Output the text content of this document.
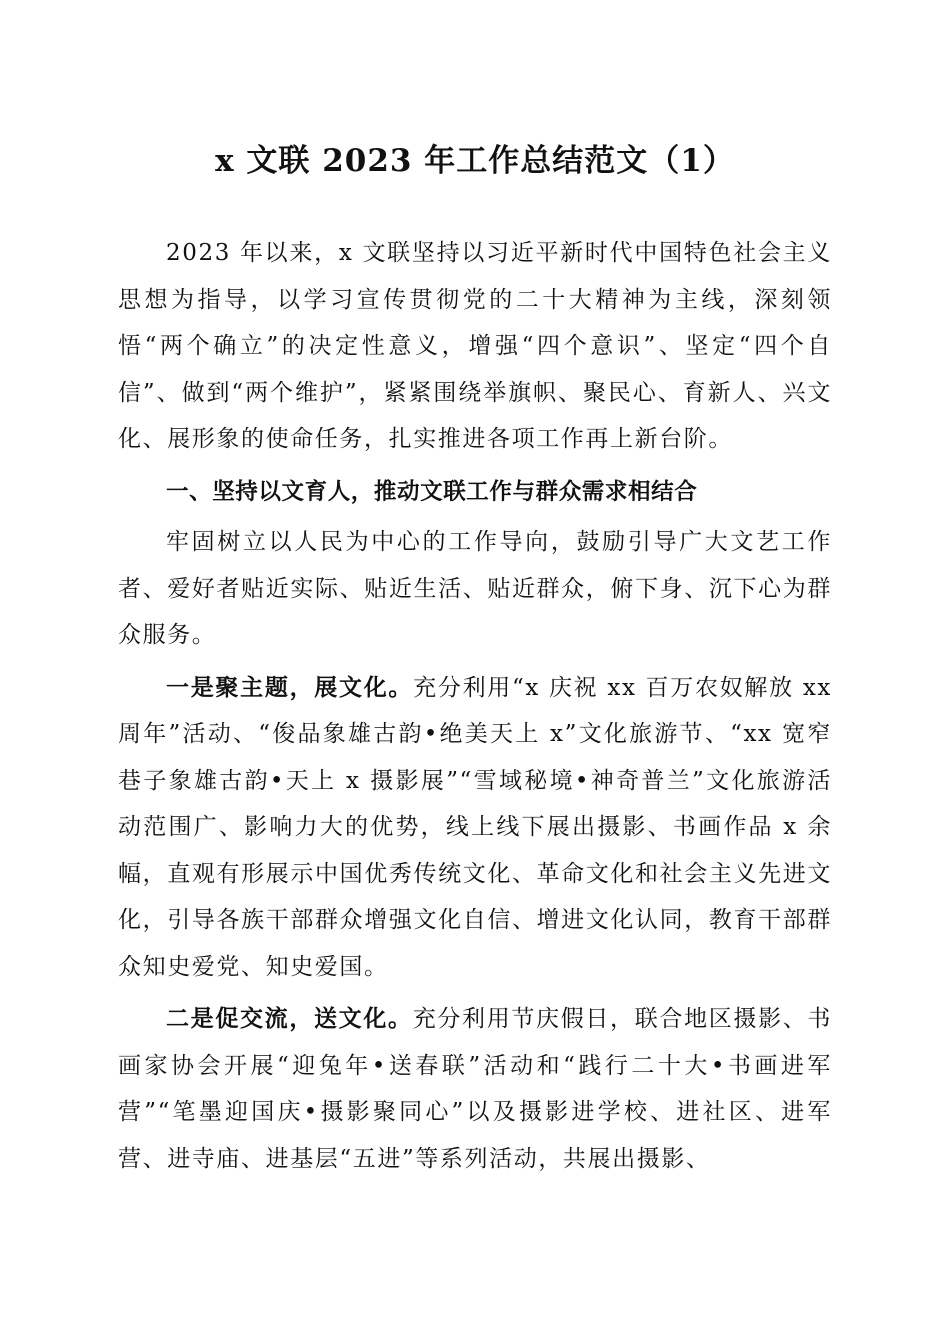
x 文联 2023 年工作总结范文（1）

2023 年以来，x 文联坚持以习近平新时代中国特色社会主义思想为指导，以学习宣传贯彻党的二十大精神为主线，深刻领悟“两个确立”的决定性意义，增强“四个意识”、坚定“四个自信”、做到“两个维护”，紧紧围绕举旗帜、聚民心、育新人、兴文化、展形象的使命任务，扎实推进各项工作再上新台阶。

一、坚持以文育人，推动文联工作与群众需求相结合

牢固树立以人民为中心的工作导向，鼓励引导广大文艺工作者、爱好者贴近实际、贴近生活、贴近群众，俯下身、沉下心为群众服务。

一是聚主题，展文化。充分利用“x 庆祝 xx 百万农奴解放 xx 周年”活动、“俊品象雄古韵•绝美天上 x”文化旅游节、“xx 宽窄巷子象雄古韵•天上 x 摄影展”“雪域秘境•神奇普兰”文化旅游活动范围广、影响力大的优势，线上线下展出摄影、书画作品 x 余幅，直观有形展示中国优秀传统文化、革命文化和社会主义先进文化，引导各族干部群众增强文化自信、增进文化认同，教育干部群众知史爱党、知史爱国。

二是促交流，送文化。充分利用节庆假日，联合地区摄影、书画家协会开展“迎兔年•送春联”活动和“践行二十大•书画进军营”“笔墨迎国庆•摄影聚同心”以及摄影进学校、进社区、进军营、进寺庙、进基层“五进”等系列活动，共展出摄影、
